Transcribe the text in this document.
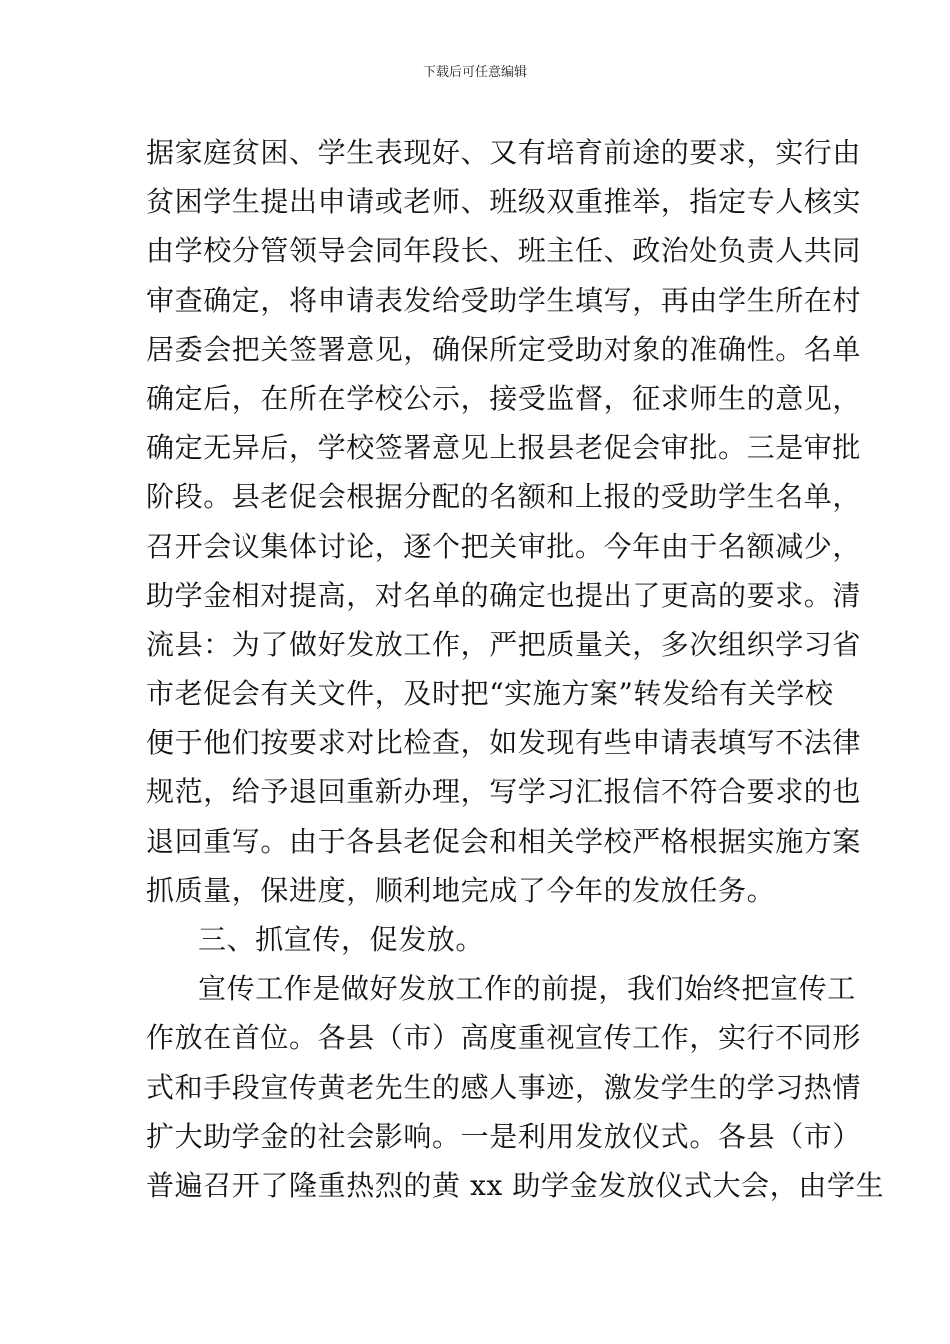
下载后可任意编辑
据家庭贫困、学生表现好、又有培育前途的要求，实行由
贫困学生提出申请或老师、班级双重推举，指定专人核实
由学校分管领导会同年段长、班主任、政治处负责人共同
审查确定，将申请表发给受助学生填写，再由学生所在村
居委会把关签署意见，确保所定受助对象的准确性。名单
确定后，在所在学校公示，接受监督，征求师生的意见，
确定无异后，学校签署意见上报县老促会审批。三是审批
阶段。县老促会根据分配的名额和上报的受助学生名单，
召开会议集体讨论，逐个把关审批。今年由于名额减少，
助学金相对提高，对名单的确定也提出了更高的要求。清
流县：为了做好发放工作，严把质量关，多次组织学习省
市老促会有关文件，及时把“实施方案”转发给有关学校
便于他们按要求对比检查，如发现有些申请表填写不法律
规范，给予退回重新办理，写学习汇报信不符合要求的也
退回重写。由于各县老促会和相关学校严格根据实施方案
抓质量，保进度，顺利地完成了今年的发放任务。
三、抓宣传，促发放。
宣传工作是做好发放工作的前提，我们始终把宣传工
作放在首位。各县（市）高度重视宣传工作，实行不同形
式和手段宣传黄老先生的感人事迹，激发学生的学习热情
扩大助学金的社会影响。一是利用发放仪式。各县（市）
普遍召开了隆重热烈的黄 xx 助学金发放仪式大会，由学生
